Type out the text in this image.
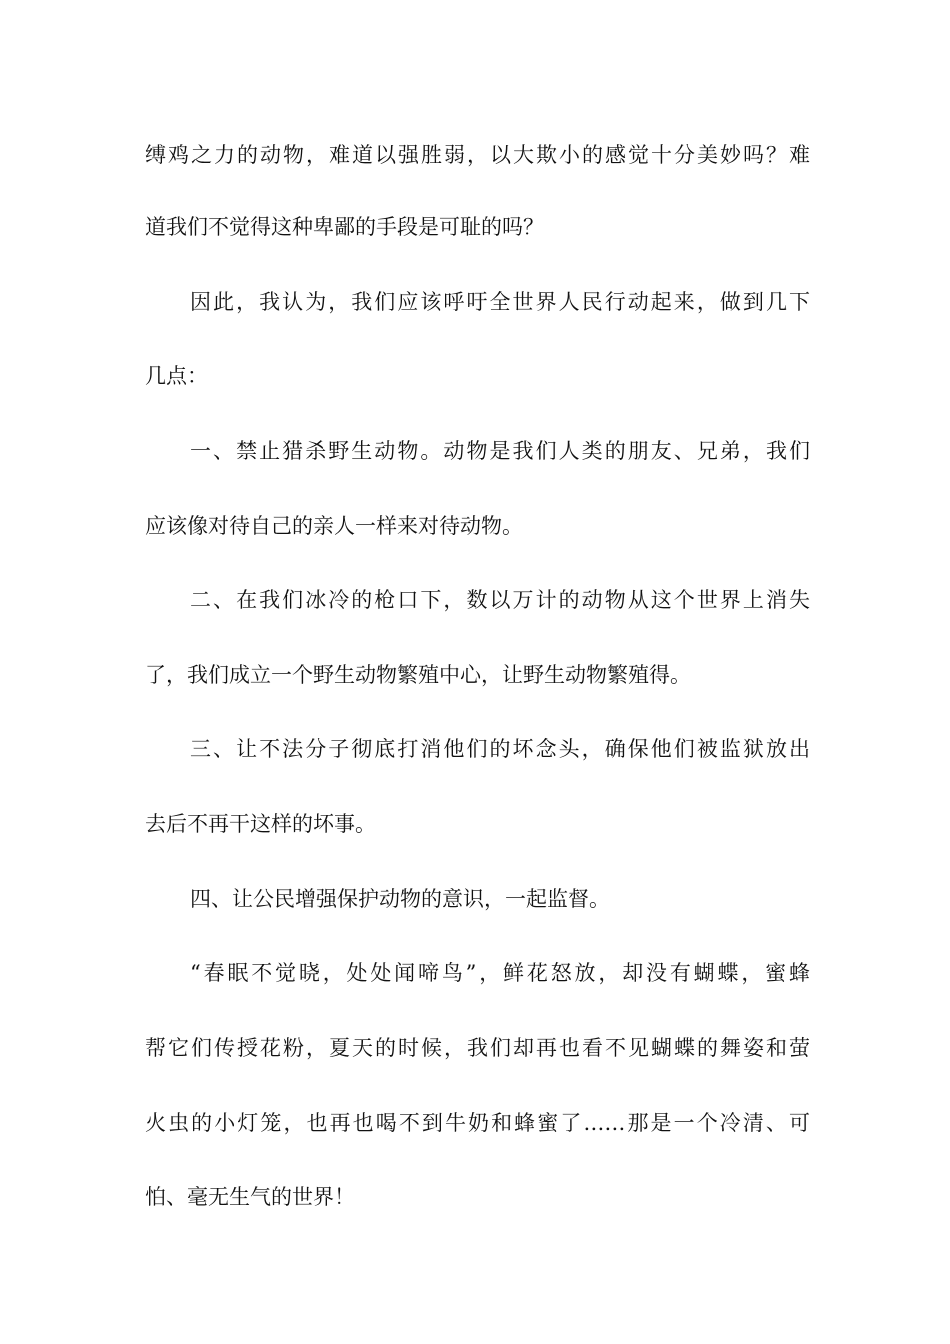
缚鸡之力的动物，难道以强胜弱，以大欺小的感觉十分美妙吗？难
道我们不觉得这种卑鄙的手段是可耻的吗？
因此，我认为，我们应该呼吁全世界人民行动起来，做到几下
几点：
一、禁止猎杀野生动物。动物是我们人类的朋友、兄弟，我们
应该像对待自己的亲人一样来对待动物。
二、在我们冰冷的枪口下，数以万计的动物从这个世界上消失
了，我们成立一个野生动物繁殖中心，让野生动物繁殖得。
三、让不法分子彻底打消他们的坏念头，确保他们被监狱放出
去后不再干这样的坏事。
四、让公民增强保护动物的意识，一起监督。
“春眠不觉晓，处处闻啼鸟”，鲜花怒放，却没有蝴蝶，蜜蜂
帮它们传授花粉，夏天的时候，我们却再也看不见蝴蝶的舞姿和萤
火虫的小灯笼，也再也喝不到牛奶和蜂蜜了……那是一个冷清、可
怕、毫无生气的世界！
